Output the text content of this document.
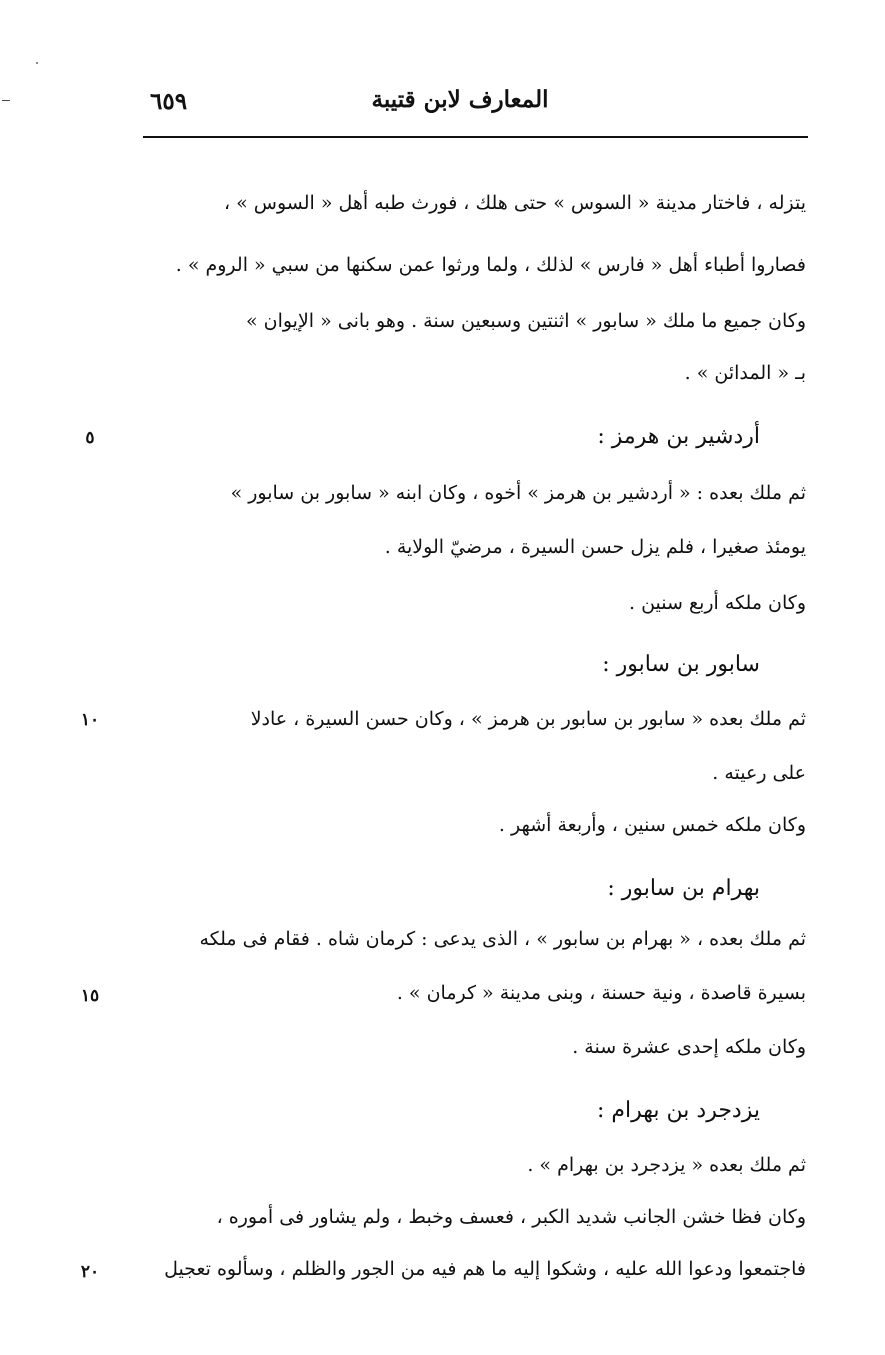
المعارف لابن قتيبة
٦٥٩
يتزله ، فاختار مدينة « السوس » حتى هلك ، فورث طبه أهل « السوس » ،
فصاروا أطباء أهل « فارس » لذلك ، ولما ورثوا عمن سكنها من سبي « الروم » .
وكان جميع ما ملك « سابور » اثنتين وسبعين سنة . وهو بانى « الإيوان »
بـ « المدائن » .
أردشير بن هرمز :
٥
ثم ملك بعده : « أردشير بن هرمز » أخوه ، وكان ابنه « سابور بن سابور »
يومئذ صغيرا ، فلم يزل حسن السيرة ، مرضيّ الولاية .
وكان ملكه أربع سنين .
سابور بن سابور :
ثم ملك بعده « سابور بن سابور بن هرمز » ، وكان حسن السيرة ، عادلا
١٠
على رعيته .
وكان ملكه خمس سنين ، وأربعة أشهر .
بهرام بن سابور :
ثم ملك بعده ، « بهرام بن سابور » ، الذى يدعى : كرمان شاه . فقام فى ملكه
بسيرة قاصدة ، ونية حسنة ، وبنى مدينة « كرمان » .
١٥
وكان ملكه إحدى عشرة سنة .
يزدجرد بن بهرام :
ثم ملك بعده « يزدجرد بن بهرام » .
وكان فظا خشن الجانب شديد الكبر ، فعسف وخبط ، ولم يشاور فى أموره ،
فاجتمعوا ودعوا الله عليه ، وشكوا إليه ما هم فيه من الجور والظلم ، وسألوه تعجيل
٢٠
